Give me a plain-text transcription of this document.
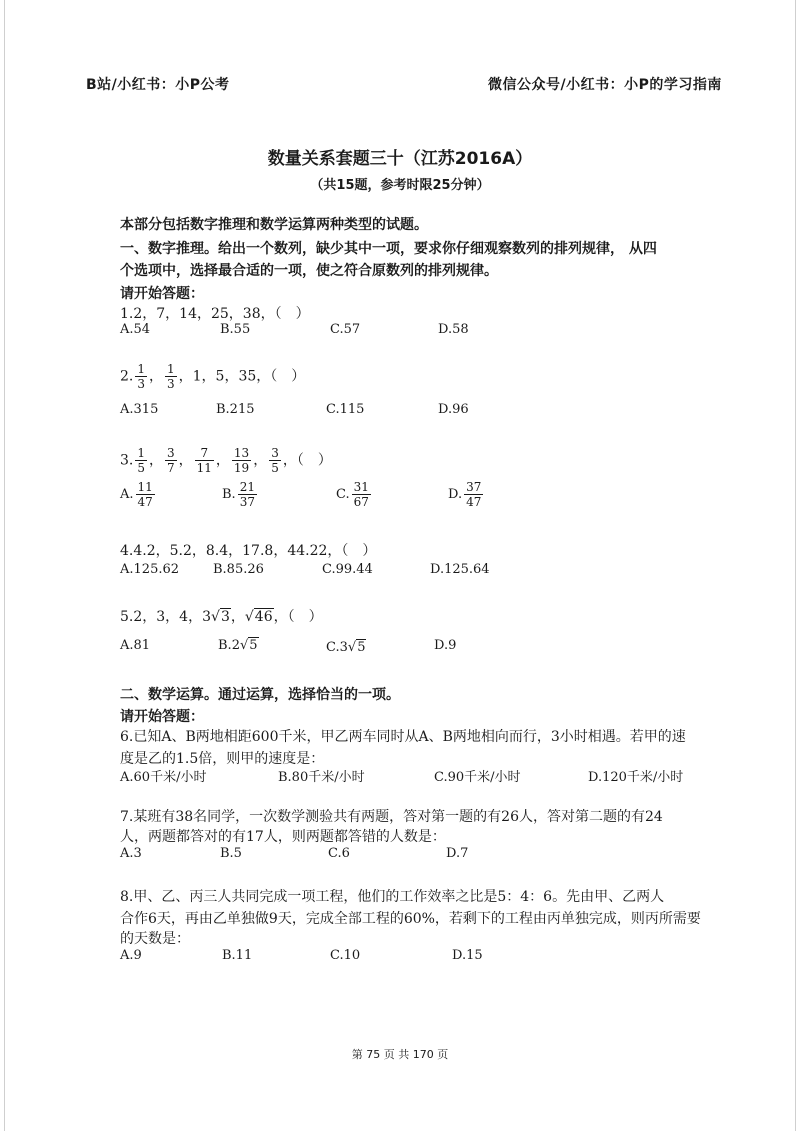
B站/小红书：小P公考	微信公众号/小红书：小P的学习指南
数量关系套题三十（江苏2016A）
（共15题，参考时限25分钟）
本部分包括数字推理和数学运算两种类型的试题。
一、数字推理。给出一个数列，缺少其中一项，要求你仔细观察数列的排列规律， 从四
个选项中，选择最合适的一项，使之符合原数列的排列规律。
请开始答题：
1.2，7，14，25，38，（　）
A.54	B.55	C.57	D.58
2. $\frac{1}{3}$ ， $\frac{1}{3}$ ，1，5，35，（　）
A.315	B.215	C.115	D.96
3. $\frac{1}{5}$ ， $\frac{3}{7}$ ， $\frac{7}{11}$ ， $\frac{13}{19}$ ， $\frac{3}{5}$ ，（　）
A. $\frac{11}{47}$	B. $\frac{21}{37}$	C. $\frac{31}{67}$	D. $\frac{37}{47}$
4.4.2，5.2，8.4，17.8，44.22，（　）
A.125.62	B.85.26	C.99.44	D.125.64
5.2，3，4，3√3，√46，（　）
A.81	B.2√5	C.3√5	D.9
二、数学运算。通过运算，选择恰当的一项。
请开始答题：
6.已知A、B两地相距600千米，甲乙两车同时从A、B两地相向而行，3小时相遇。若甲的速
度是乙的1.5倍，则甲的速度是：
A.60千米/小时	B.80千米/小时	C.90千米/小时	D.120千米/小时
7.某班有38名同学，一次数学测验共有两题，答对第一题的有26人，答对第二题的有24
人，两题都答对的有17人，则两题都答错的人数是：
A.3	B.5	C.6	D.7
8.甲、乙、丙三人共同完成一项工程，他们的工作效率之比是5：4：6。先由甲、乙两人
合作6天，再由乙单独做9天，完成全部工程的60%，若剩下的工程由丙单独完成，则丙所需要
的天数是：
A.9	B.11	C.10	D.15
第 75 页 共 170 页
